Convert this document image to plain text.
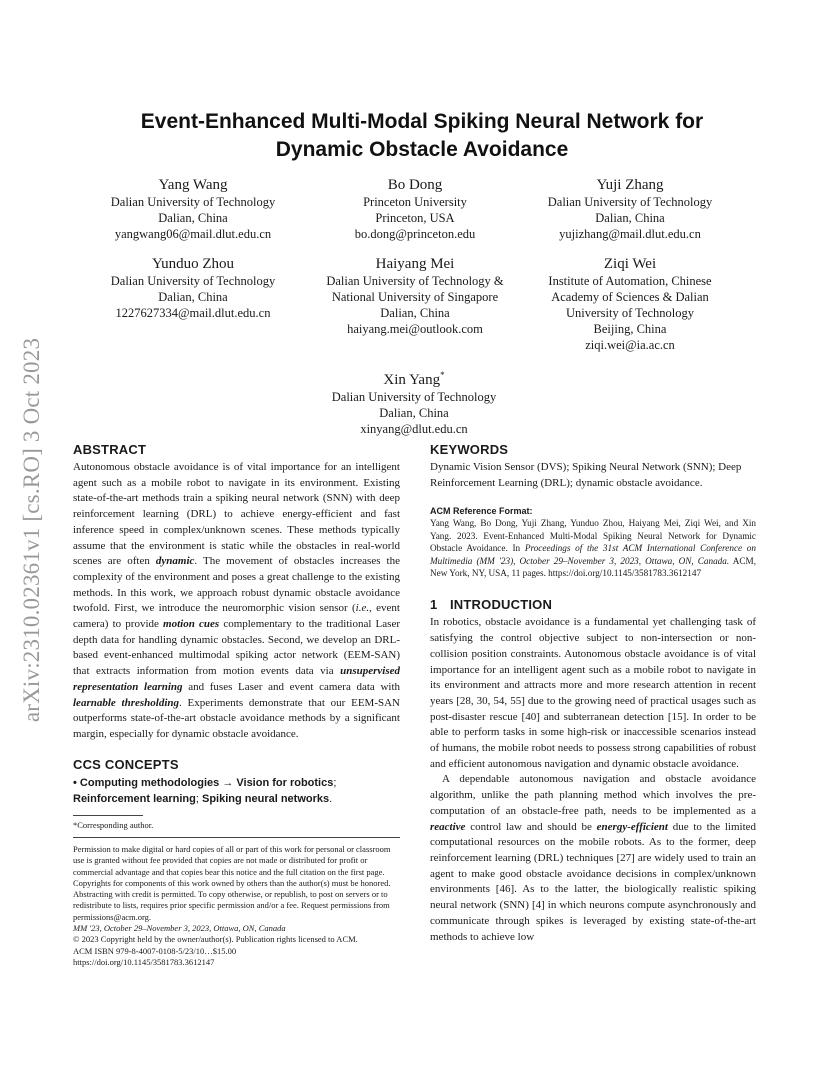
arXiv:2310.02361v1 [cs.RO] 3 Oct 2023
Event-Enhanced Multi-Modal Spiking Neural Network for
Dynamic Obstacle Avoidance
Yang Wang
Dalian University of Technology
Dalian, China
yangwang06@mail.dlut.edu.cn
Bo Dong
Princeton University
Princeton, USA
bo.dong@princeton.edu
Yuji Zhang
Dalian University of Technology
Dalian, China
yujizhang@mail.dlut.edu.cn
Yunduo Zhou
Dalian University of Technology
Dalian, China
1227627334@mail.dlut.edu.cn
Haiyang Mei
Dalian University of Technology &
National University of Singapore
Dalian, China
haiyang.mei@outlook.com
Ziqi Wei
Institute of Automation, Chinese
Academy of Sciences & Dalian
University of Technology
Beijing, China
ziqi.wei@ia.ac.cn
Xin Yang*
Dalian University of Technology
Dalian, China
xinyang@dlut.edu.cn
ABSTRACT

Autonomous obstacle avoidance is of vital importance for an intelligent agent such as a mobile robot to navigate in its environment. Existing state-of-the-art methods train a spiking neural network (SNN) with deep reinforcement learning (DRL) to achieve energy-efficient and fast inference speed in complex/unknown scenes. These methods typically assume that the environment is static while the obstacles in real-world scenes are often dynamic. The movement of obstacles increases the complexity of the environment and poses a great challenge to the existing methods. In this work, we approach robust dynamic obstacle avoidance twofold. First, we introduce the neuromorphic vision sensor (i.e., event camera) to provide motion cues complementary to the traditional Laser depth data for handling dynamic obstacles. Second, we develop an DRL-based event-enhanced multimodal spiking actor network (EEM-SAN) that extracts information from motion events data via unsupervised representation learning and fuses Laser and event camera data with learnable thresholding. Experiments demonstrate that our EEM-SAN outperforms state-of-the-art obstacle avoidance methods by a significant margin, especially for dynamic obstacle avoidance.

CCS CONCEPTS

• Computing methodologies → Vision for robotics; Reinforcement learning; Spiking neural networks.

*Corresponding author.

Permission to make digital or hard copies of all or part of this work for personal or classroom use is granted without fee provided that copies are not made or distributed for profit or commercial advantage and that copies bear this notice and the full citation on the first page. Copyrights for components of this work owned by others than the author(s) must be honored. Abstracting with credit is permitted. To copy otherwise, or republish, to post on servers or to redistribute to lists, requires prior specific permission and/or a fee. Request permissions from permissions@acm.org.

MM '23, October 29–November 3, 2023, Ottawa, ON, Canada

© 2023 Copyright held by the owner/author(s). Publication rights licensed to ACM.

ACM ISBN 979-8-4007-0108-5/23/10…$15.00

https://doi.org/10.1145/3581783.3612147

KEYWORDS

Dynamic Vision Sensor (DVS); Spiking Neural Network (SNN); Deep Reinforcement Learning (DRL); dynamic obstacle avoidance.

ACM Reference Format:

Yang Wang, Bo Dong, Yuji Zhang, Yunduo Zhou, Haiyang Mei, Ziqi Wei, and Xin Yang. 2023. Event-Enhanced Multi-Modal Spiking Neural Network for Dynamic Obstacle Avoidance. In Proceedings of the 31st ACM International Conference on Multimedia (MM '23), October 29–November 3, 2023, Ottawa, ON, Canada. ACM, New York, NY, USA, 11 pages. https://doi.org/10.1145/3581783.3612147

1 INTRODUCTION

In robotics, obstacle avoidance is a fundamental yet challenging task of satisfying the control objective subject to non-intersection or non-collision position constraints. Autonomous obstacle avoidance is of vital importance for an intelligent agent such as a mobile robot to navigate in its environment and attracts more and more research attention in recent years [28, 30, 54, 55] due to the growing need of practical usages such as post-disaster rescue [40] and subterranean detection [15]. In order to be able to perform tasks in some high-risk or inaccessible scenarios instead of humans, the mobile robot needs to possess strong capabilities of robust and efficient autonomous navigation and dynamic obstacle avoidance.

A dependable autonomous navigation and obstacle avoidance algorithm, unlike the path planning method which involves the pre-computation of an obstacle-free path, needs to be implemented as a reactive control law and should be energy-efficient due to the limited computational resources on the mobile robots. As to the former, deep reinforcement learning (DRL) techniques [27] are widely used to train an agent to make good obstacle avoidance decisions in complex/unknown environments [46]. As to the latter, the biologically realistic spiking neural network (SNN) [4] in which neurons compute asynchronously and communicate through spikes is leveraged by existing state-of-the-art methods to achieve low
